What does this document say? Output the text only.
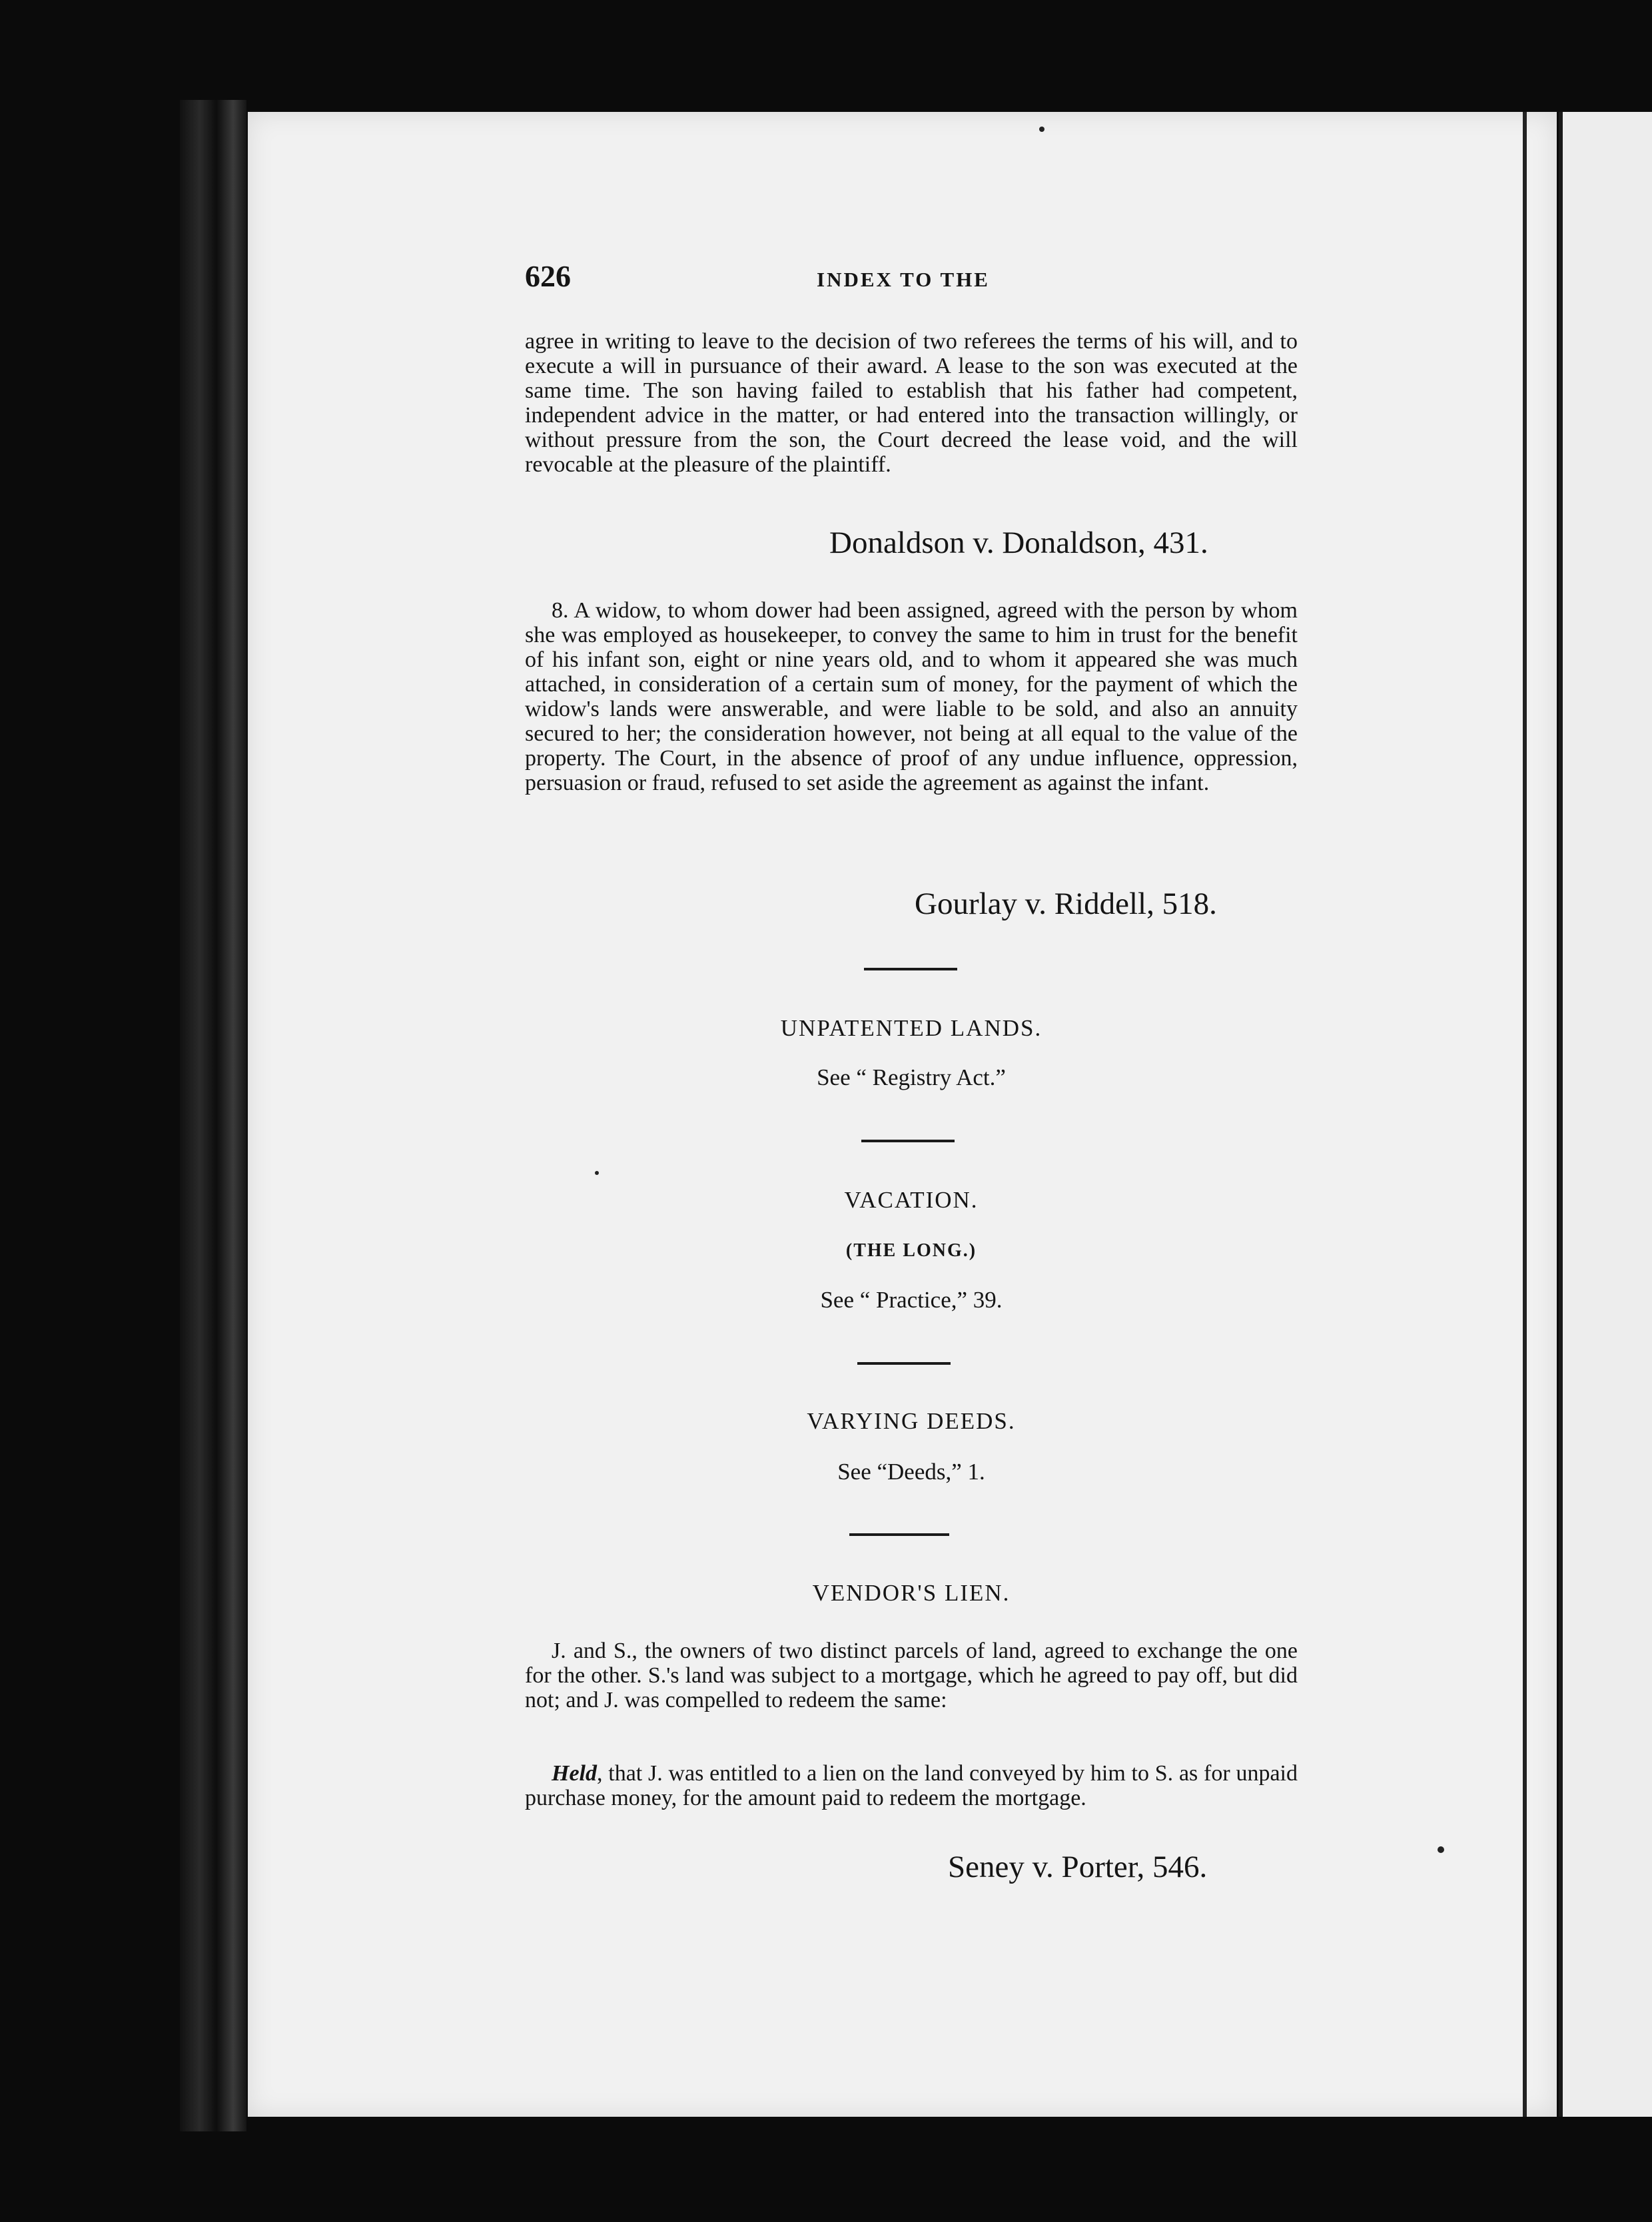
626	INDEX TO THE
agree in writing to leave to the decision of two referees the terms of his will, and to execute a will in pursuance of their award. A lease to the son was executed at the same time. The son having failed to establish that his father had competent, independent advice in the matter, or had entered into the transaction willingly, or without pressure from the son, the Court decreed the lease void, and the will revocable at the pleasure of the plaintiff.
Donaldson v. Donaldson, 431.
8. A widow, to whom dower had been assigned, agreed with the person by whom she was employed as housekeeper, to convey the same to him in trust for the benefit of his infant son, eight or nine years old, and to whom it appeared she was much attached, in consideration of a certain sum of money, for the payment of which the widow's lands were answerable, and were liable to be sold, and also an annuity secured to her; the consideration however, not being at all equal to the value of the property. The Court, in the absence of proof of any undue influence, oppression, persuasion or fraud, refused to set aside the agreement as against the infant.
Gourlay v. Riddell, 518.
UNPATENTED LANDS.
See “ Registry Act.”
VACATION.
(THE LONG.)
See “ Practice,” 39.
VARYING DEEDS.
See “Deeds,” 1.
VENDOR'S LIEN.
J. and S., the owners of two distinct parcels of land, agreed to exchange the one for the other. S.'s land was subject to a mortgage, which he agreed to pay off, but did not; and J. was compelled to redeem the same:
Held, that J. was entitled to a lien on the land conveyed by him to S. as for unpaid purchase money, for the amount paid to redeem the mortgage.
Seney v. Porter, 546.
